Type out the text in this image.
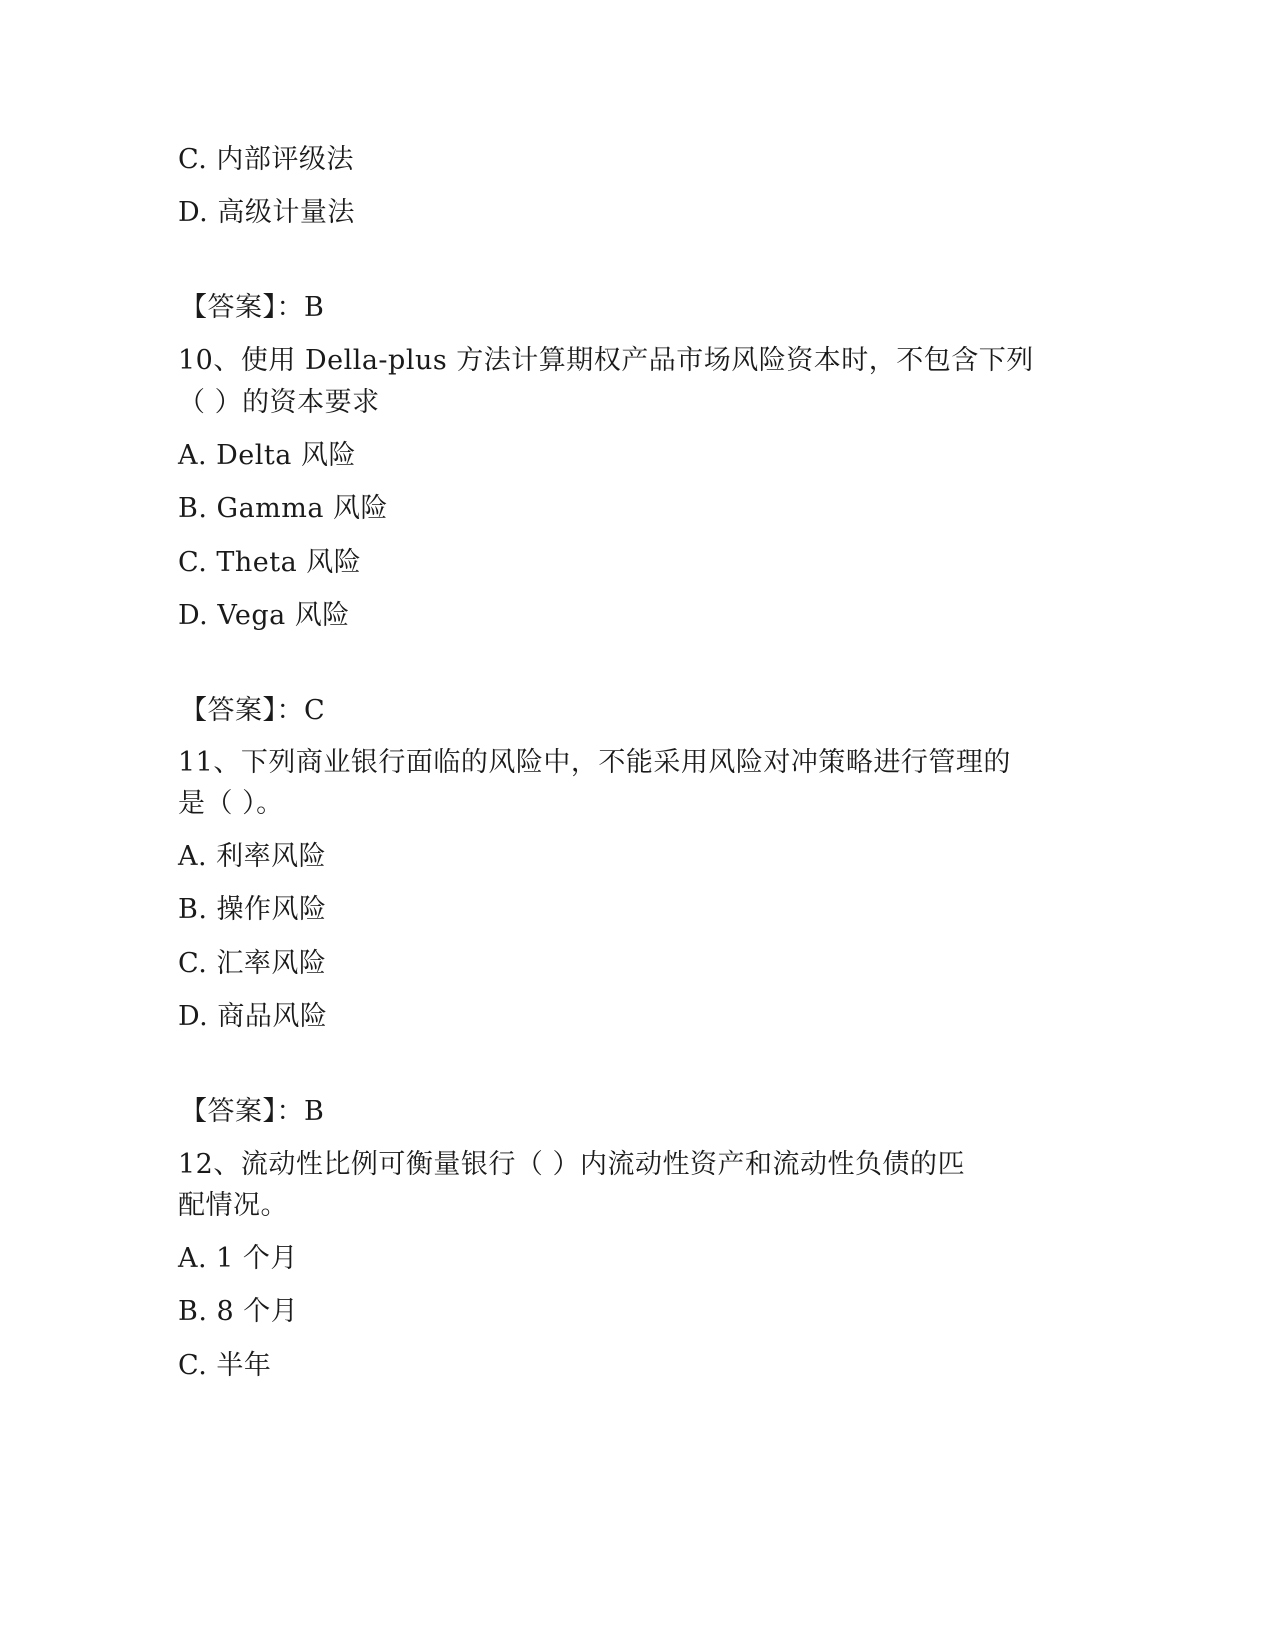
C. 内部评级法
D. 高级计量法
【答案】：B
10、使用 Della-plus 方法计算期权产品市场风险资本时，不包含下列
（ ）的资本要求
A. Delta 风险
B. Gamma 风险
C. Theta 风险
D. Vega 风险
【答案】：C
11、下列商业银行面临的风险中，不能采用风险对冲策略进行管理的
是（ ）。
A. 利率风险
B. 操作风险
C. 汇率风险
D. 商品风险
【答案】：B
12、流动性比例可衡量银行（ ）内流动性资产和流动性负债的匹
配情况。
A. 1 个月
B. 8 个月
C. 半年
